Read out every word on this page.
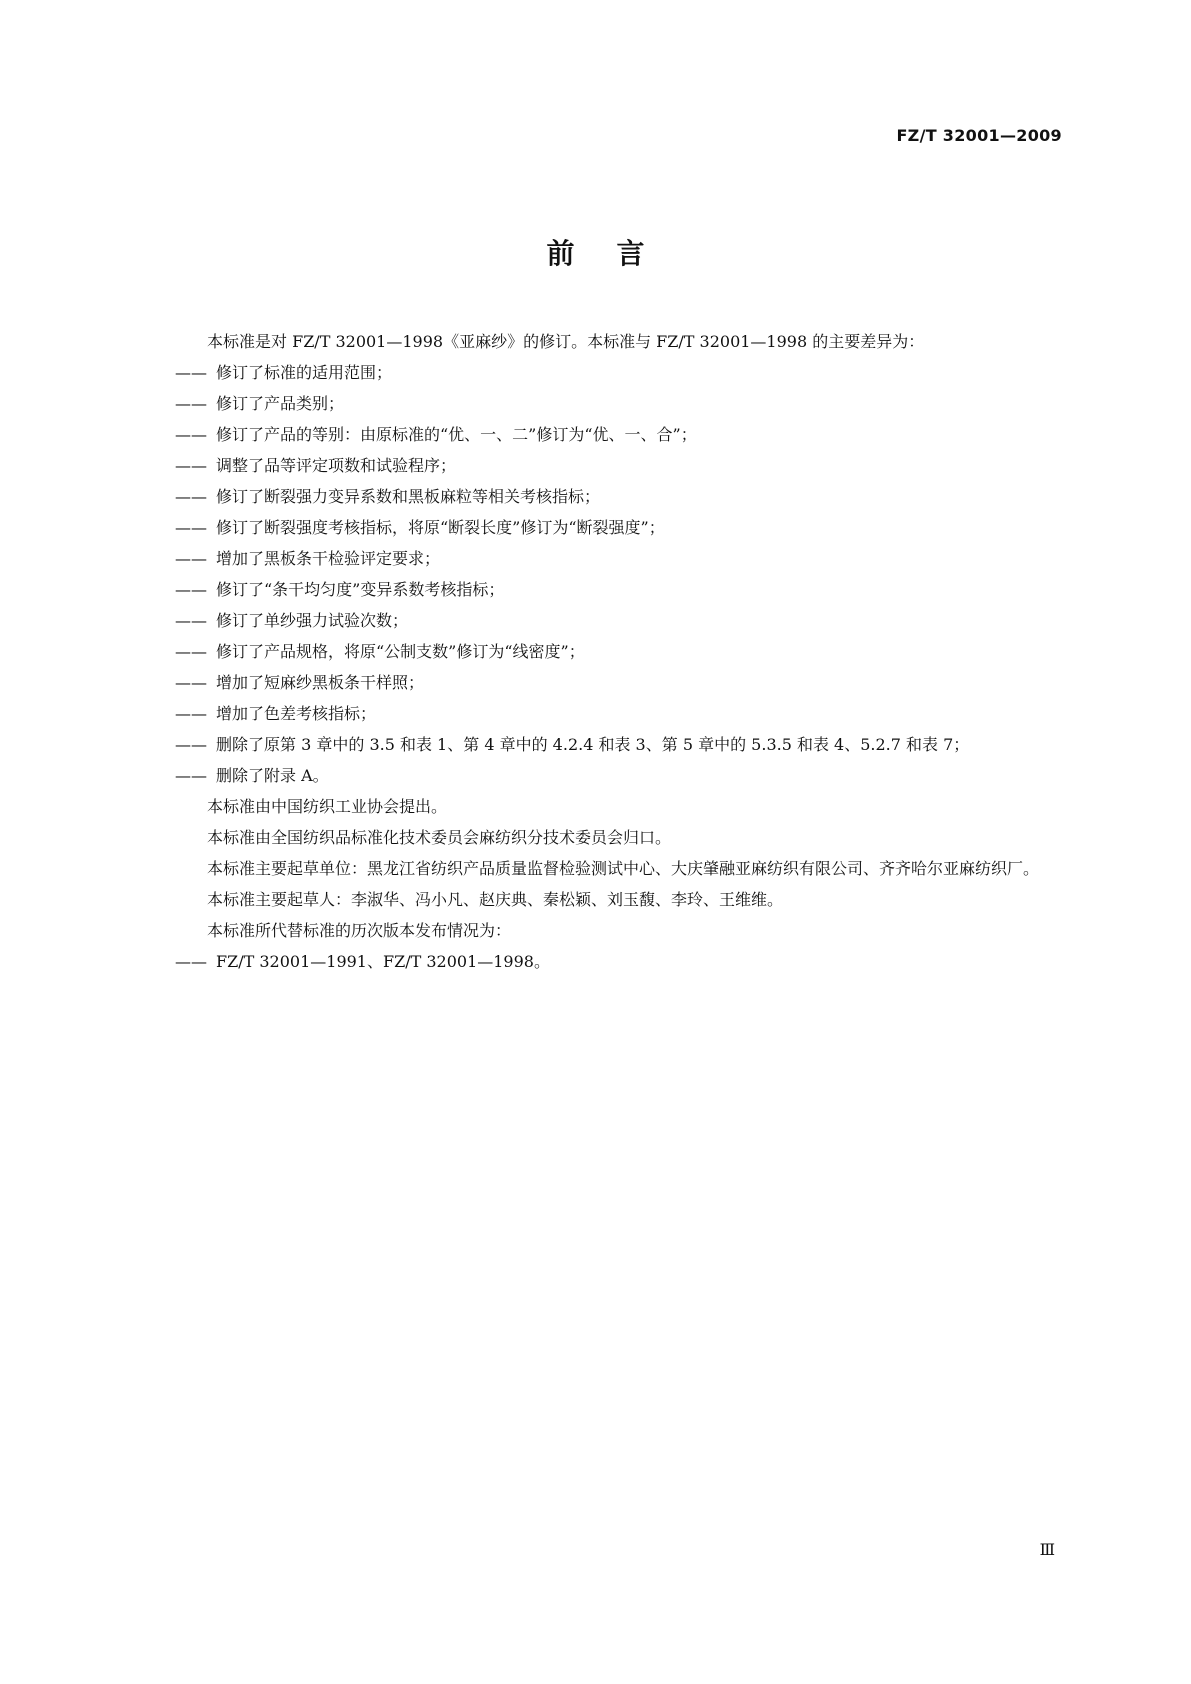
FZ/T 32001—2009
前言

本标准是对 FZ/T 32001—1998《亚麻纱》的修订。本标准与 FZ/T 32001—1998 的主要差异为：

—— 修订了标准的适用范围；

—— 修订了产品类别；

—— 修订了产品的等别：由原标准的“优、一、二”修订为“优、一、合”；

—— 调整了品等评定项数和试验程序；

—— 修订了断裂强力变异系数和黑板麻粒等相关考核指标；

—— 修订了断裂强度考核指标，将原“断裂长度”修订为“断裂强度”；

—— 增加了黑板条干检验评定要求；

—— 修订了“条干均匀度”变异系数考核指标；

—— 修订了单纱强力试验次数；

—— 修订了产品规格，将原“公制支数”修订为“线密度”；

—— 增加了短麻纱黑板条干样照；

—— 增加了色差考核指标；

—— 删除了原第 3 章中的 3.5 和表 1、第 4 章中的 4.2.4 和表 3、第 5 章中的 5.3.5 和表 4、5.2.7 和表 7；

—— 删除了附录 A。

本标准由中国纺织工业协会提出。

本标准由全国纺织品标准化技术委员会麻纺织分技术委员会归口。

本标准主要起草单位：黑龙江省纺织产品质量监督检验测试中心、大庆肇融亚麻纺织有限公司、齐齐哈尔亚麻纺织厂。

本标准主要起草人：李淑华、冯小凡、赵庆典、秦松颖、刘玉馥、李玲、王维维。

本标准所代替标准的历次版本发布情况为：

—— FZ/T 32001—1991、FZ/T 32001—1998。

Ⅲ
